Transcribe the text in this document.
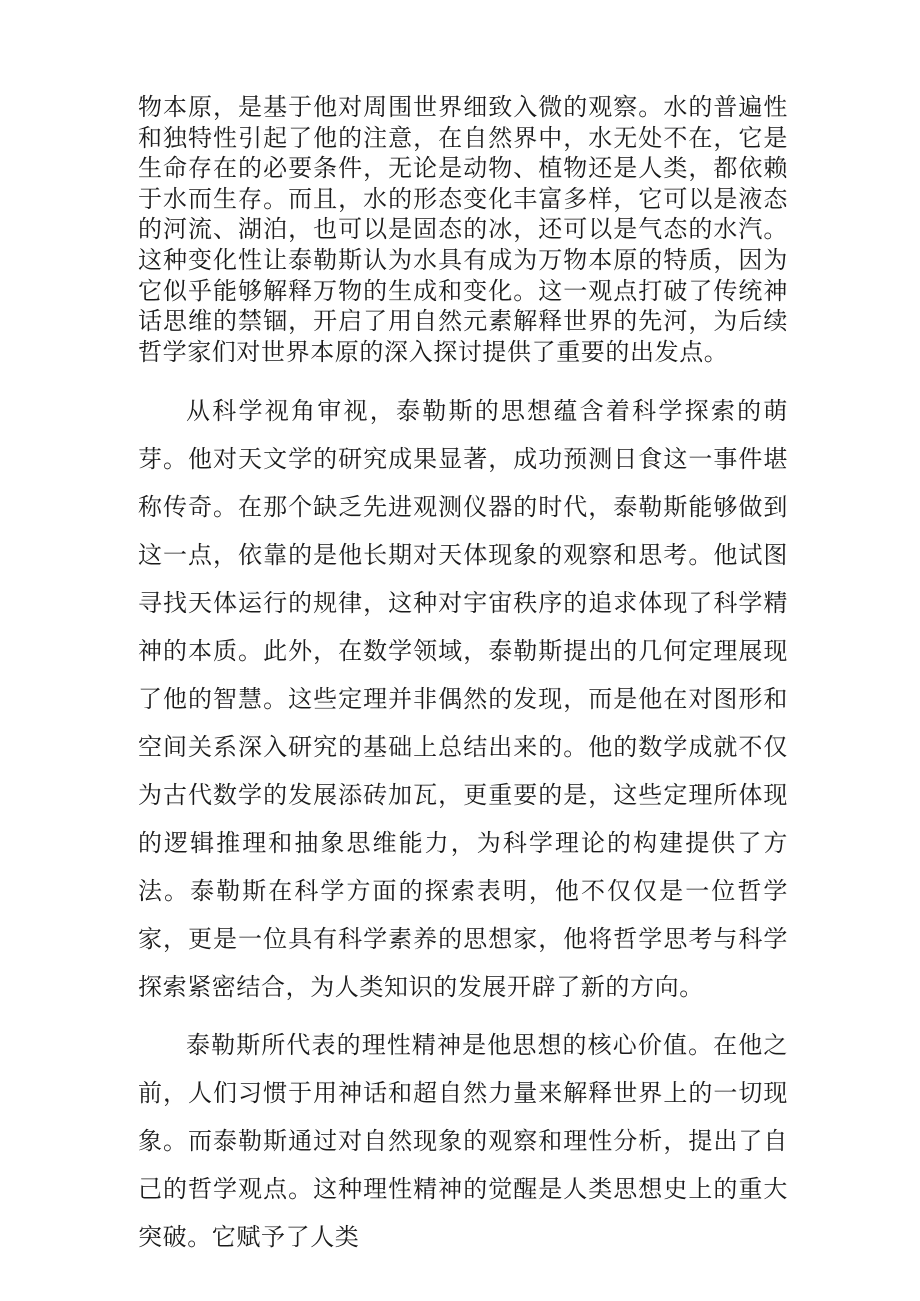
物本原，是基于他对周围世界细致入微的观察。水的普遍性和独特性引起了他的注意，在自然界中，水无处不在，它是生命存在的必要条件，无论是动物、植物还是人类，都依赖于水而生存。而且，水的形态变化丰富多样，它可以是液态的河流、湖泊，也可以是固态的冰，还可以是气态的水汽。这种变化性让泰勒斯认为水具有成为万物本原的特质，因为它似乎能够解释万物的生成和变化。这一观点打破了传统神话思维的禁锢，开启了用自然元素解释世界的先河，为后续哲学家们对世界本原的深入探讨提供了重要的出发点。

从科学视角审视，泰勒斯的思想蕴含着科学探索的萌芽。他对天文学的研究成果显著，成功预测日食这一事件堪称传奇。在那个缺乏先进观测仪器的时代，泰勒斯能够做到这一点，依靠的是他长期对天体现象的观察和思考。他试图寻找天体运行的规律，这种对宇宙秩序的追求体现了科学精神的本质。此外，在数学领域，泰勒斯提出的几何定理展现了他的智慧。这些定理并非偶然的发现，而是他在对图形和空间关系深入研究的基础上总结出来的。他的数学成就不仅为古代数学的发展添砖加瓦，更重要的是，这些定理所体现的逻辑推理和抽象思维能力，为科学理论的构建提供了方法。泰勒斯在科学方面的探索表明，他不仅仅是一位哲学家，更是一位具有科学素养的思想家，他将哲学思考与科学探索紧密结合，为人类知识的发展开辟了新的方向。

泰勒斯所代表的理性精神是他思想的核心价值。在他之前，人们习惯于用神话和超自然力量来解释世界上的一切现象。而泰勒斯通过对自然现象的观察和理性分析，提出了自己的哲学观点。这种理性精神的觉醒是人类思想史上的重大突破。它赋予了人类
